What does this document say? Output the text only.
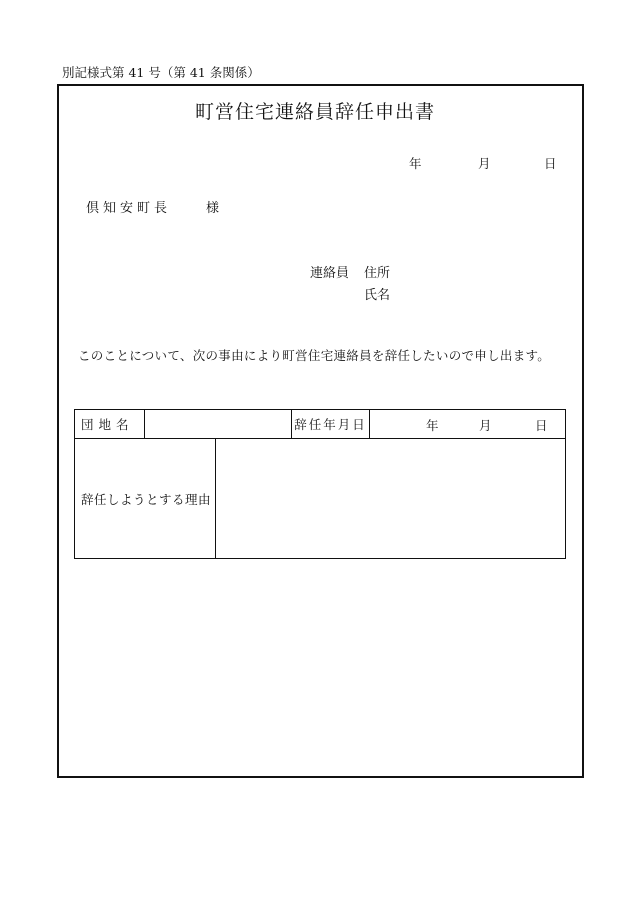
別記様式第 41 号（第 41 条関係）
町営住宅連絡員辞任申出書
年	月	日
倶知安町長	様
連絡員 住所
氏名
このことについて、次の事由により町営住宅連絡員を辞任したいので申し出ます。
団地名			辞任年月日	年 月 日

辞任しようとする理由				
